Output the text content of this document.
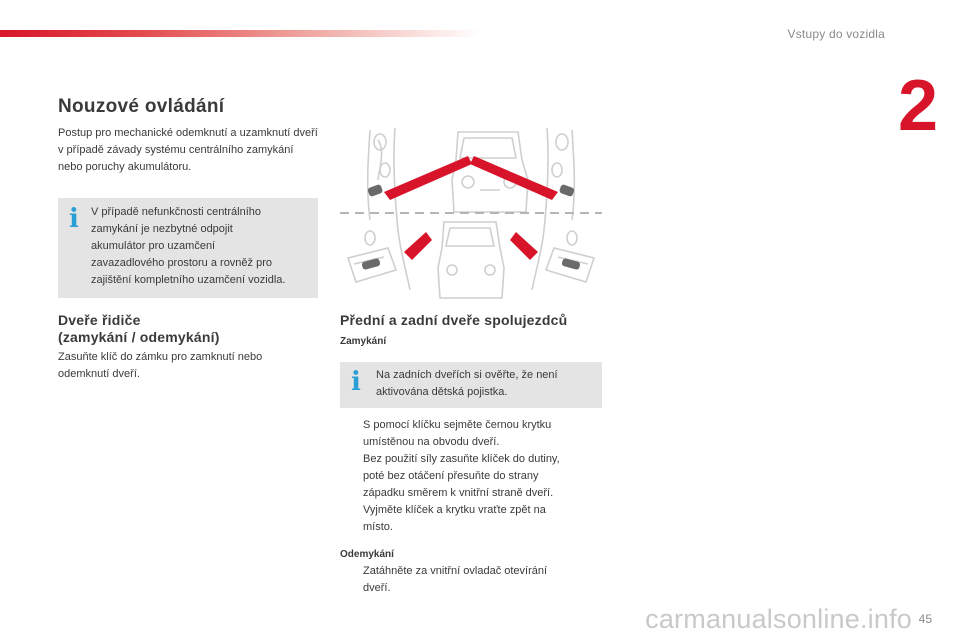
Vstupy do vozidla
2
Nouzové ovládání

Postup pro mechanické odemknutí a uzamknutí dveří v případě závady systému centrálního zamykání nebo poruchy akumulátoru.

i V případě nefunkčnosti centrálního
zamykání je nezbytné odpojit
akumulátor pro uzamčení
zavazadlového prostoru a rovněž pro
zajištění kompletního uzamčení vozidla.
Dveře řidiče
(zamykání / odemykání)
Zasuňte klíč do zámku pro zamknutí nebo
odemknutí dveří.
Přední a zadní dveře spolujezdců
Zamykání
i Na zadních dveřích si ověřte, že není
aktivována dětská pojistka.
S pomocí klíčku sejměte černou krytku
umístěnou na obvodu dveří.
Bez použití síly zasuňte klíček do dutiny,
poté bez otáčení přesuňte do strany
západku směrem k vnitřní straně dveří.
Vyjměte klíček a krytku vraťte zpět na
místo.
Odemykání
Zatáhněte za vnitřní ovladač otevírání
dveří.
carmanualsonline.info 45
